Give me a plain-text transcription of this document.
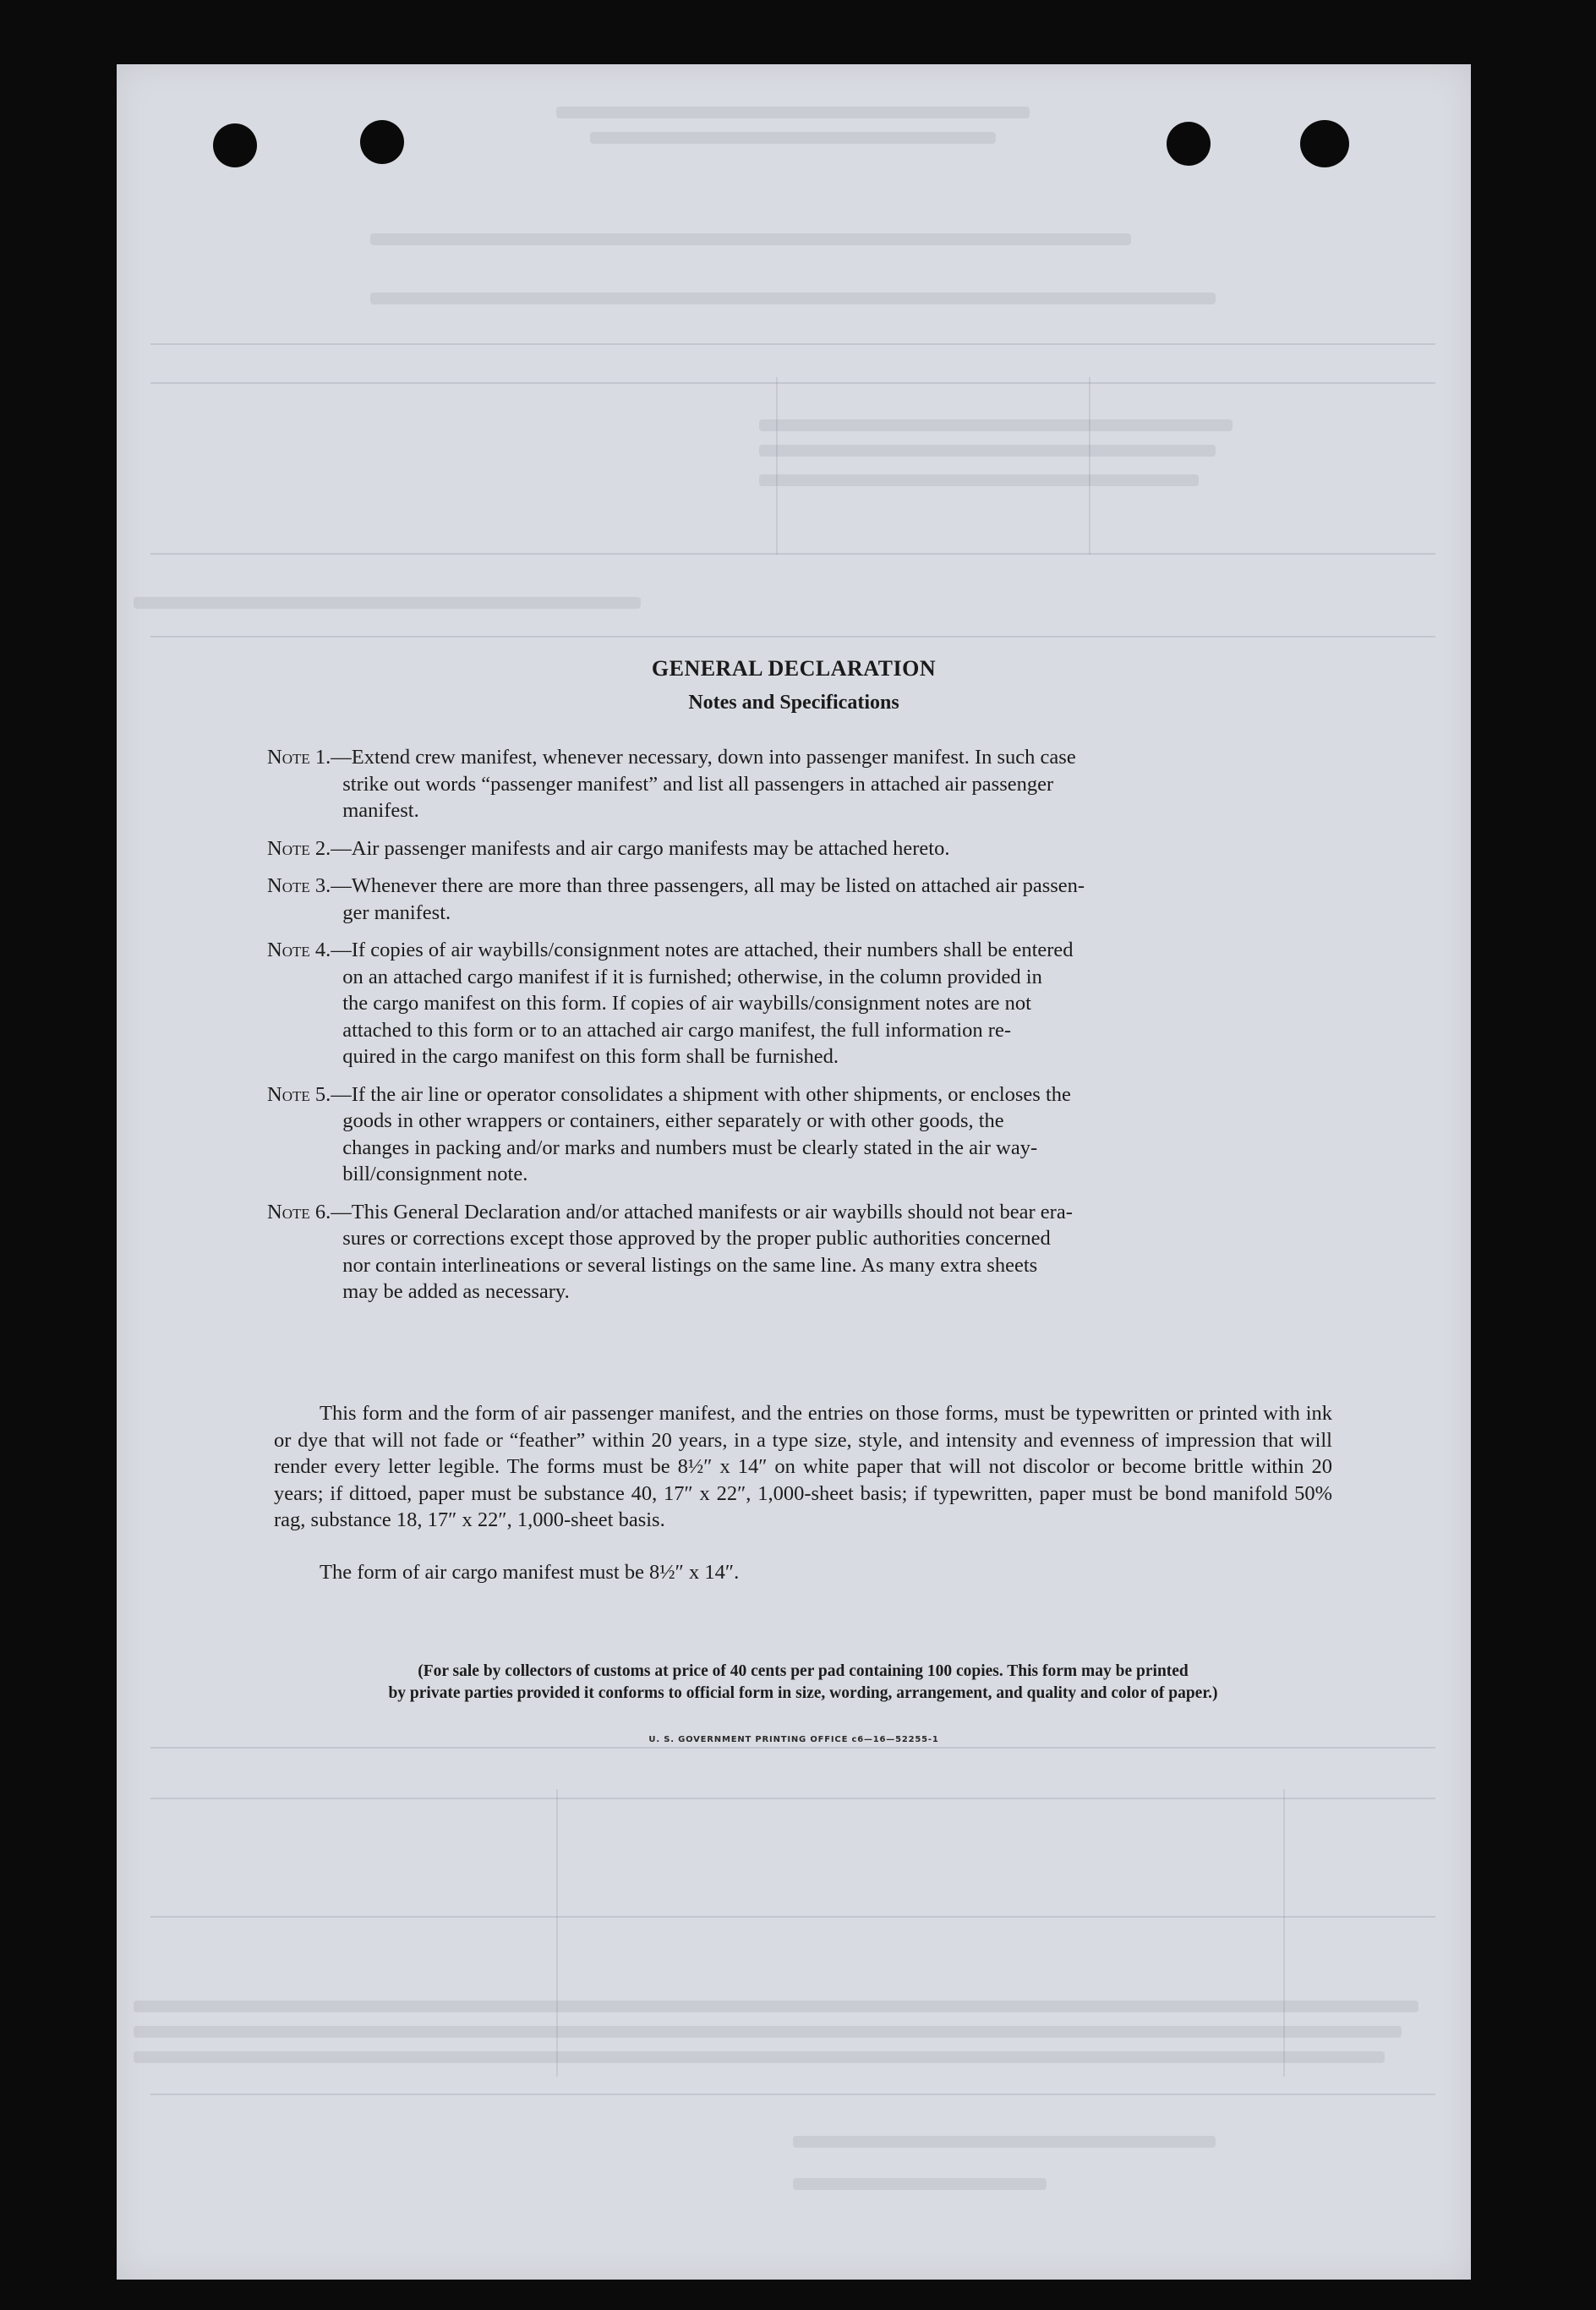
GENERAL DECLARATION
Notes and Specifications
Note 1. —Extend crew manifest, whenever necessary, down into passenger manifest. In such case
strike out words “passenger manifest” and list all passengers in attached air passenger
manifest.
Note 2. —Air passenger manifests and air cargo manifests may be attached hereto.
Note 3. —Whenever there are more than three passengers, all may be listed on attached air passen-
ger manifest.
Note 4. —If copies of air waybills/consignment notes are attached, their numbers shall be entered
on an attached cargo manifest if it is furnished; otherwise, in the column provided in
the cargo manifest on this form. If copies of air waybills/consignment notes are not
attached to this form or to an attached air cargo manifest, the full information re-
quired in the cargo manifest on this form shall be furnished.
Note 5. —If the air line or operator consolidates a shipment with other shipments, or encloses the
goods in other wrappers or containers, either separately or with other goods, the
changes in packing and/or marks and numbers must be clearly stated in the air way-
bill/consignment note.
Note 6. —This General Declaration and/or attached manifests or air waybills should not bear era-
sures or corrections except those approved by the proper public authorities concerned
nor contain interlineations or several listings on the same line. As many extra sheets
may be added as necessary.
This form and the form of air passenger manifest, and the entries on those forms, must be typewritten or printed with ink or dye that will not fade or “feather” within 20 years, in a type size, style, and intensity and evenness of impression that will render every letter legible. The forms must be 8½″ x 14″ on white paper that will not discolor or become brittle within 20 years; if dittoed, paper must be substance 40, 17″ x 22″, 1,000-sheet basis; if typewritten, paper must be bond manifold 50% rag, substance 18, 17″ x 22″, 1,000-sheet basis.
The form of air cargo manifest must be 8½″ x 14″.
(For sale by collectors of customs at price of 40 cents per pad containing 100 copies. This form may be printed
by private parties provided it conforms to official form in size, wording, arrangement, and quality and color of paper.)
U. S. GOVERNMENT PRINTING OFFICE c6—16—52255-1
